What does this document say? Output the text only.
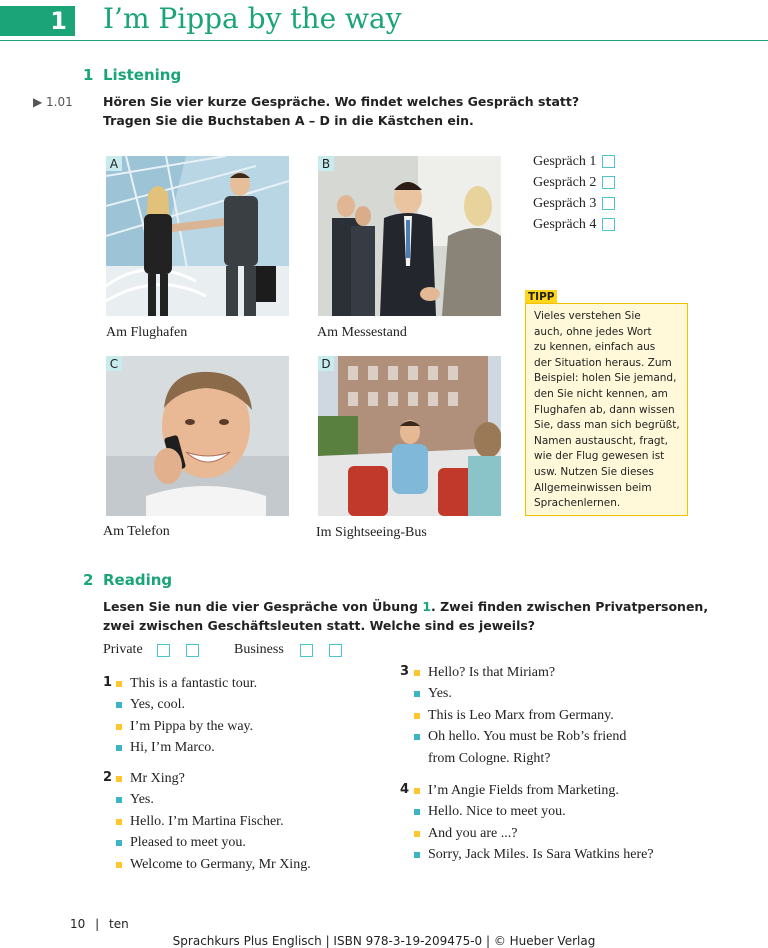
1 I’m Pippa by the way
1 Listening
▶ 1.01 Hören Sie vier kurze Gespräche. Wo findet welches Gespräch statt?
Tragen Sie die Buchstaben A – D in die Kästchen ein.
A
Am Flughafen
B
Am Messestand
C
Am Telefon
D
Im Sightseeing-Bus
Gespräch 1
Gespräch 2
Gespräch 3
Gespräch 4
TIPP
Vieles verstehen Sie
auch, ohne jedes Wort
zu kennen, einfach aus
der Situation heraus. Zum
Beispiel: holen Sie jemand,
den Sie nicht kennen, am
Flughafen ab, dann wissen
Sie, dass man sich begrüßt,
Namen austauscht, fragt,
wie der Flug gewesen ist
usw. Nutzen Sie dieses
Allgemeinwissen beim
Sprachenlernen.
2 Reading
Lesen Sie nun die vier Gespräche von Übung 1. Zwei finden zwischen Privatpersonen,
zwei zwischen Geschäftsleuten statt. Welche sind es jeweils?
Private	Business
1 This is a fantastic tour.
Yes, cool.
I’m Pippa by the way.
Hi, I’m Marco.
2 Mr Xing?
Yes.
Hello. I’m Martina Fischer.
Pleased to meet you.
Welcome to Germany, Mr Xing.
3 Hello? Is that Miriam?
Yes.
This is Leo Marx from Germany.
Oh hello. You must be Rob’s friend
from Cologne. Right?
4 I’m Angie Fields from Marketing.
Hello. Nice to meet you.
And you are ...?
Sorry, Jack Miles. Is Sara Watkins here?
10 | ten
Sprachkurs Plus Englisch | ISBN 978-3-19-209475-0 | © Hueber Verlag
